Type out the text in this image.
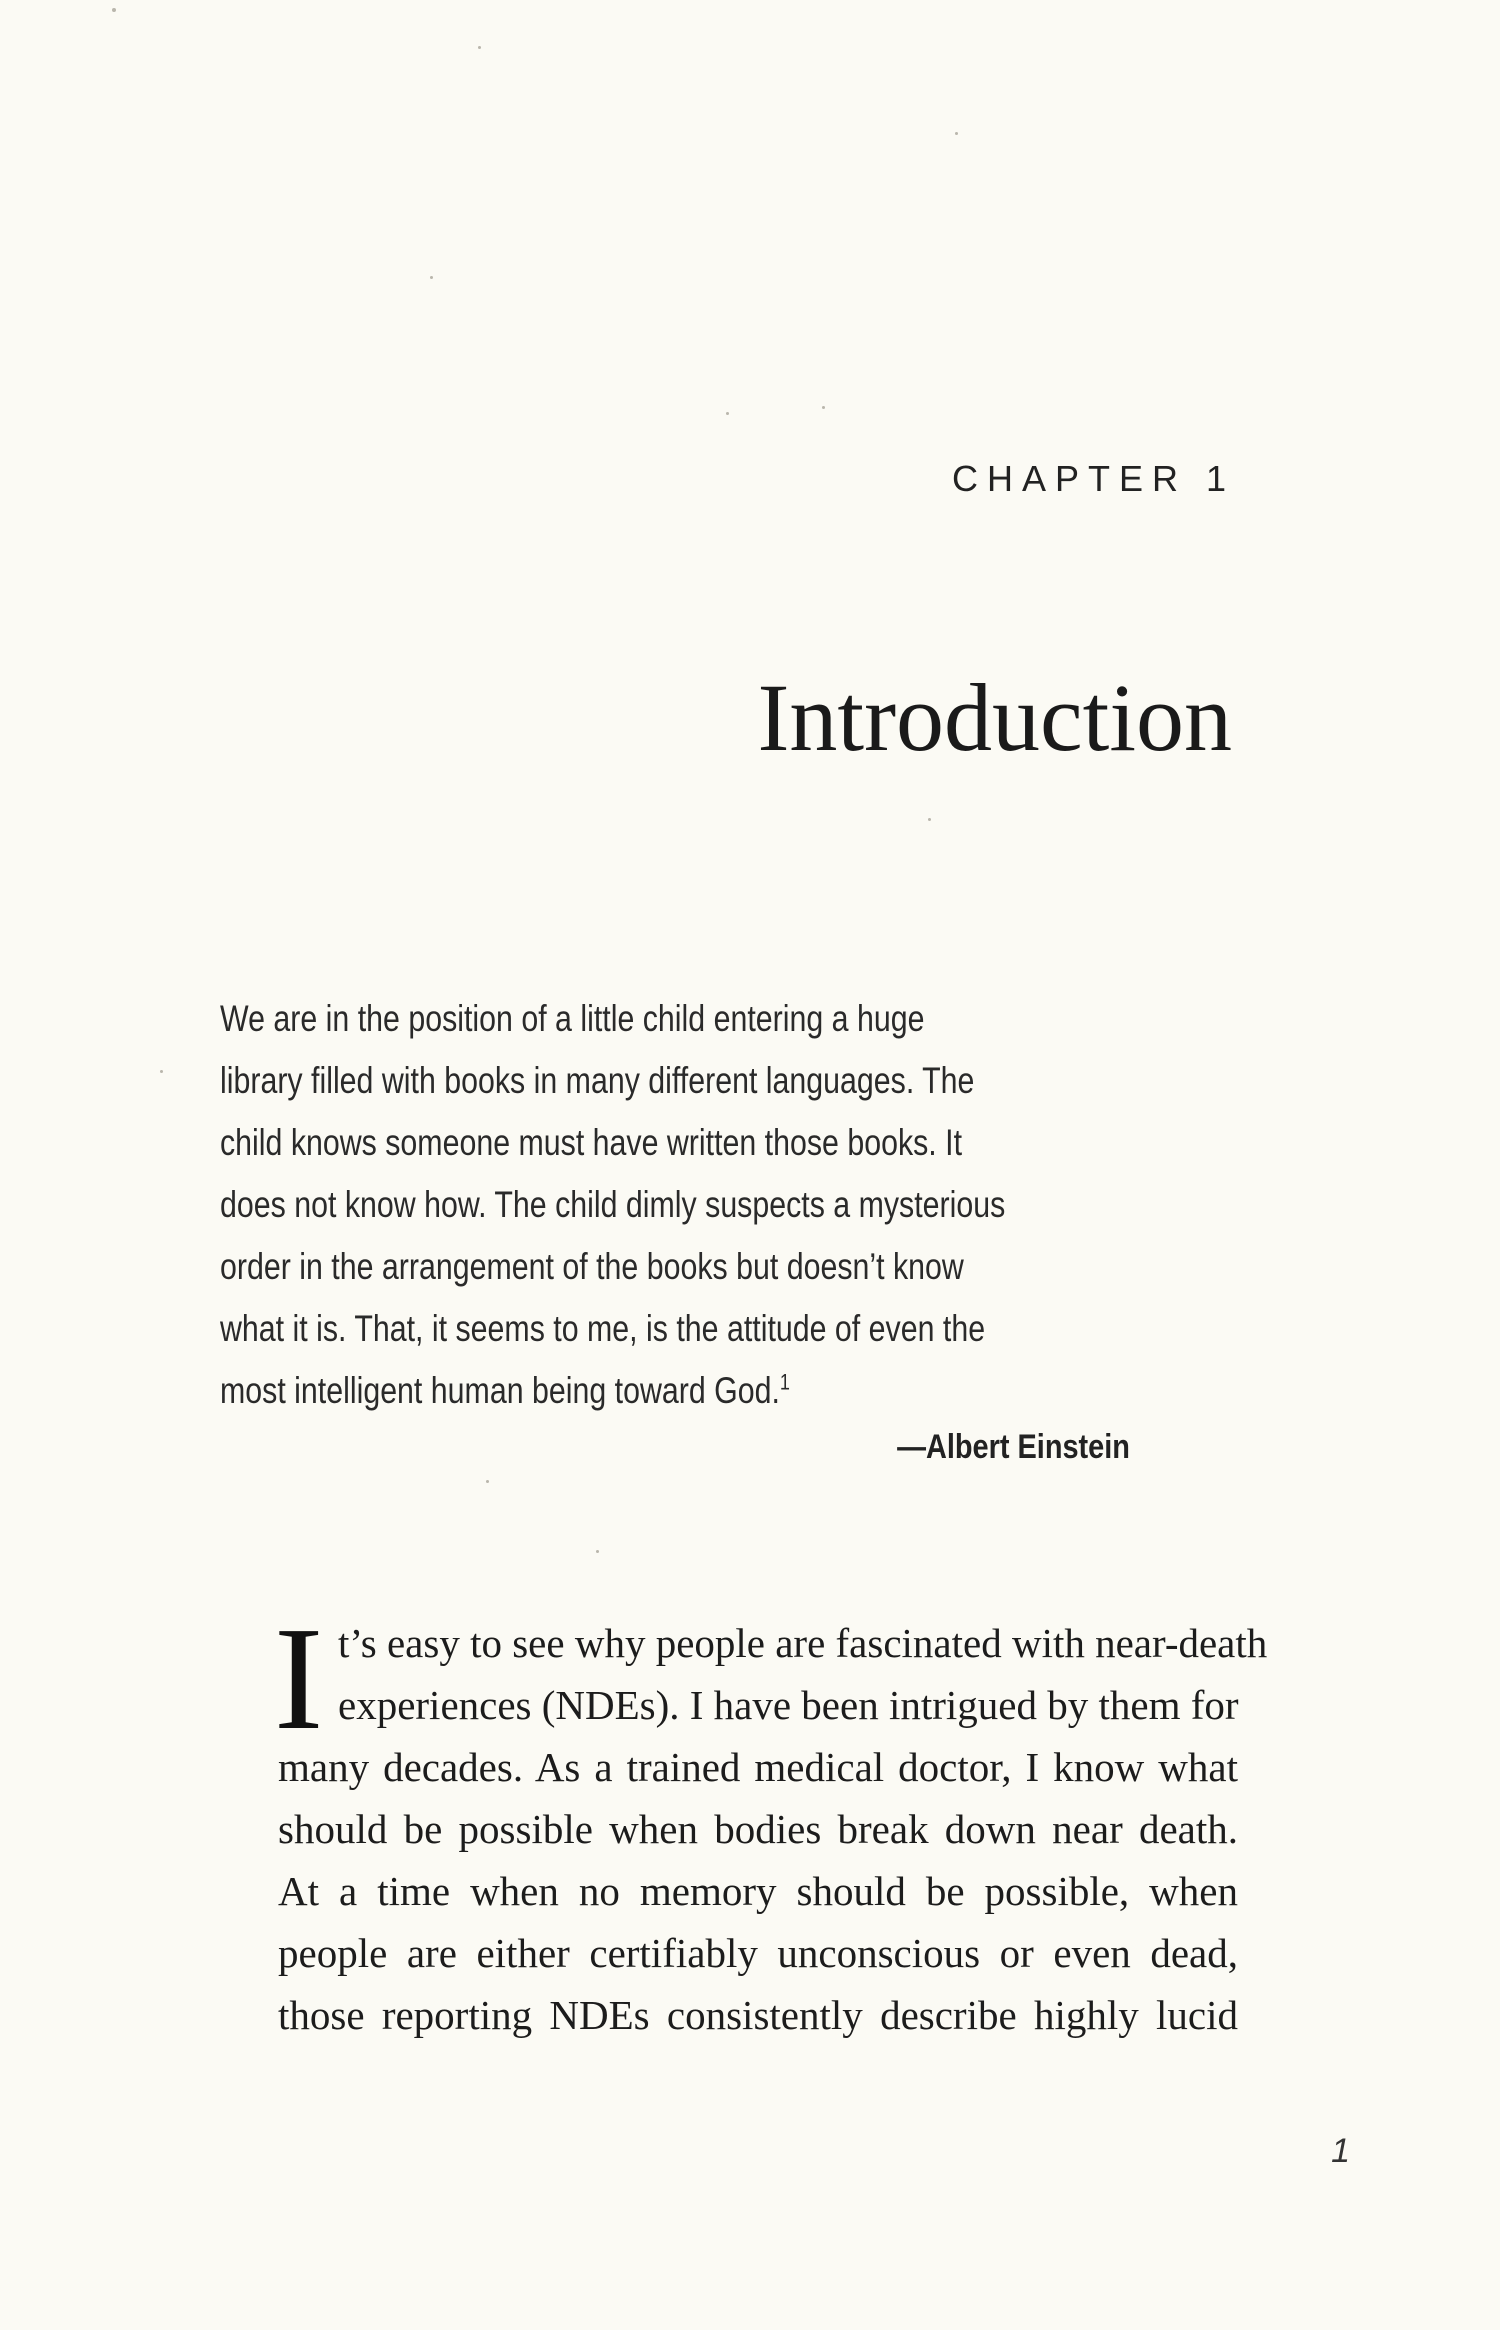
CHAPTER 1
Introduction
We are in the position of a little child entering a huge
library filled with books in many different languages. The
child knows someone must have written those books. It
does not know how. The child dimly suspects a mysterious
order in the arrangement of the books but doesn’t know
what it is. That, it seems to me, is the attitude of even the
most intelligent human being toward God.$^1$
—Albert Einstein
I t’s easy to see why people are fascinated with near-death
experiences (NDEs). I have been intrigued by them for
many decades. As a trained medical doctor, I know what
should be possible when bodies break down near death.
At a time when no memory should be possible, when
people are either certifiably unconscious or even dead,
those reporting NDEs consistently describe highly lucid
1
